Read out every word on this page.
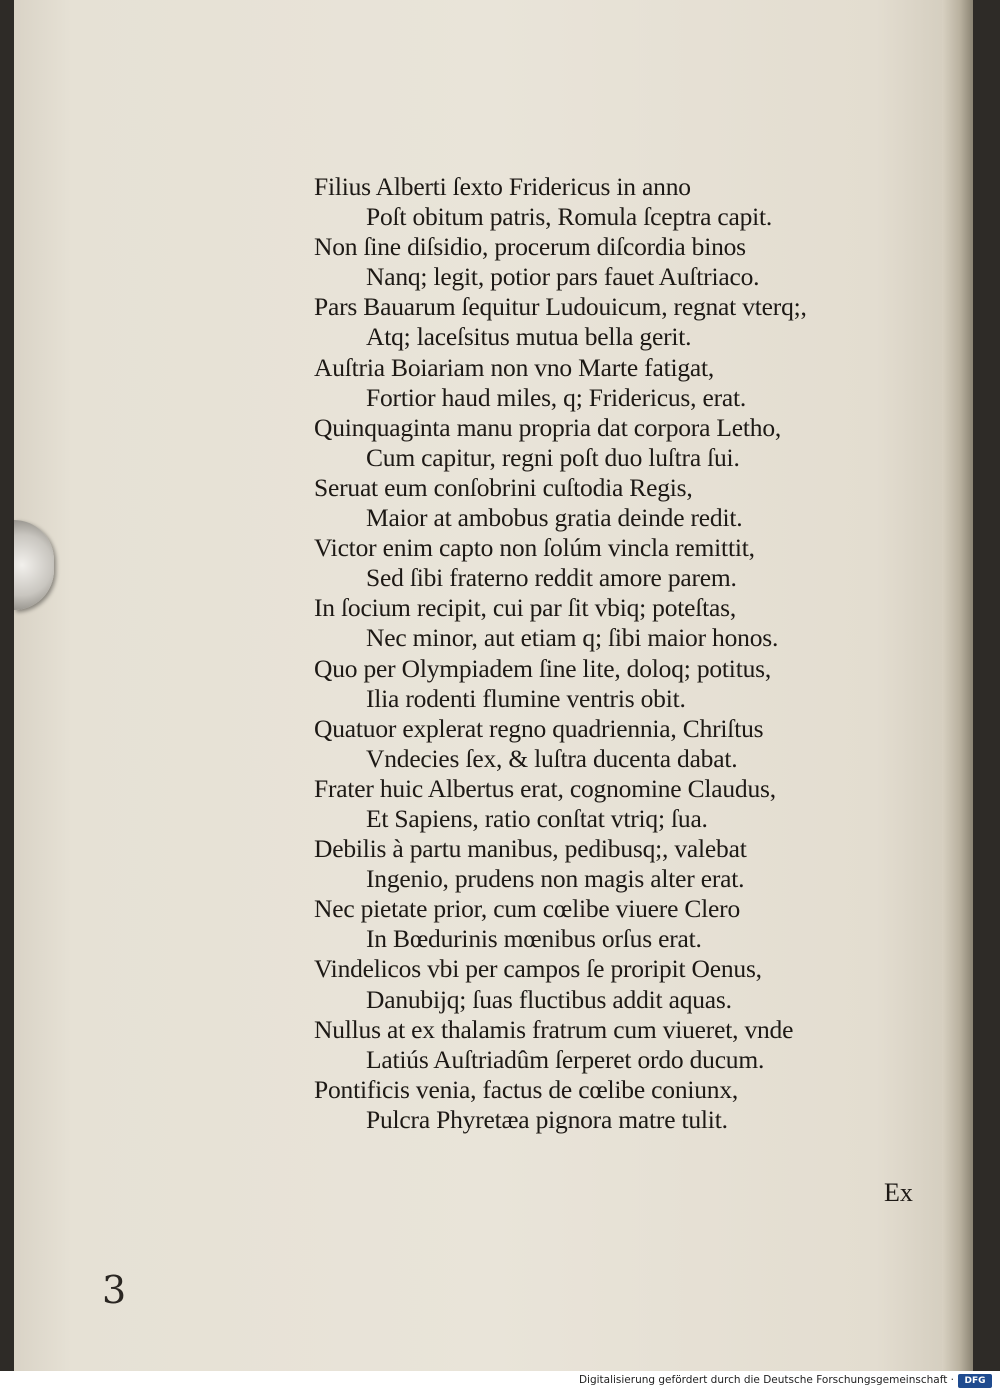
Filius Alberti ſexto Fridericus in anno
Poſt obitum patris, Romula ſceptra capit.
Non ſine diſsidio, procerum diſcordia binos
Nanq; legit, potior pars fauet Auſtriaco.
Pars Bauarum ſequitur Ludouicum, regnat vterq;,
Atq; laceſsitus mutua bella gerit.
Auſtria Boiariam non vno Marte fatigat,
Fortior haud miles, q; Fridericus, erat.
Quinquaginta manu propria dat corpora Letho,
Cum capitur, regni poſt duo luſtra ſui.
Seruat eum conſobrini cuſtodia Regis,
Maior at ambobus gratia deinde redit.
Victor enim capto non ſolúm vincla remittit,
Sed ſibi fraterno reddit amore parem.
In ſocium recipit, cui par ſit vbiq; poteſtas,
Nec minor, aut etiam q; ſibi maior honos.
Quo per Olympiadem ſine lite, doloq; potitus,
Ilia rodenti flumine ventris obit.
Quatuor explerat regno quadriennia, Chriſtus
Vndecies ſex, & luſtra ducenta dabat.
Frater huic Albertus erat, cognomine Claudus,
Et Sapiens, ratio conſtat vtriq; ſua.
Debilis à partu manibus, pedibusq;, valebat
Ingenio, prudens non magis alter erat.
Nec pietate prior, cum cœlibe viuere Clero
In Bœdurinis mœnibus orſus erat.
Vindelicos vbi per campos ſe proripit Oenus,
Danubijq; ſuas fluctibus addit aquas.
Nullus at ex thalamis fratrum cum viueret, vnde
Latiús Auſtriadûm ſerperet ordo ducum.
Pontificis venia, factus de cœlibe coniunx,
Pulcra Phyretæa pignora matre tulit.
Ex
3
Digitalisierung gefördert durch die Deutsche Forschungsgemeinschaft ·	DFG
